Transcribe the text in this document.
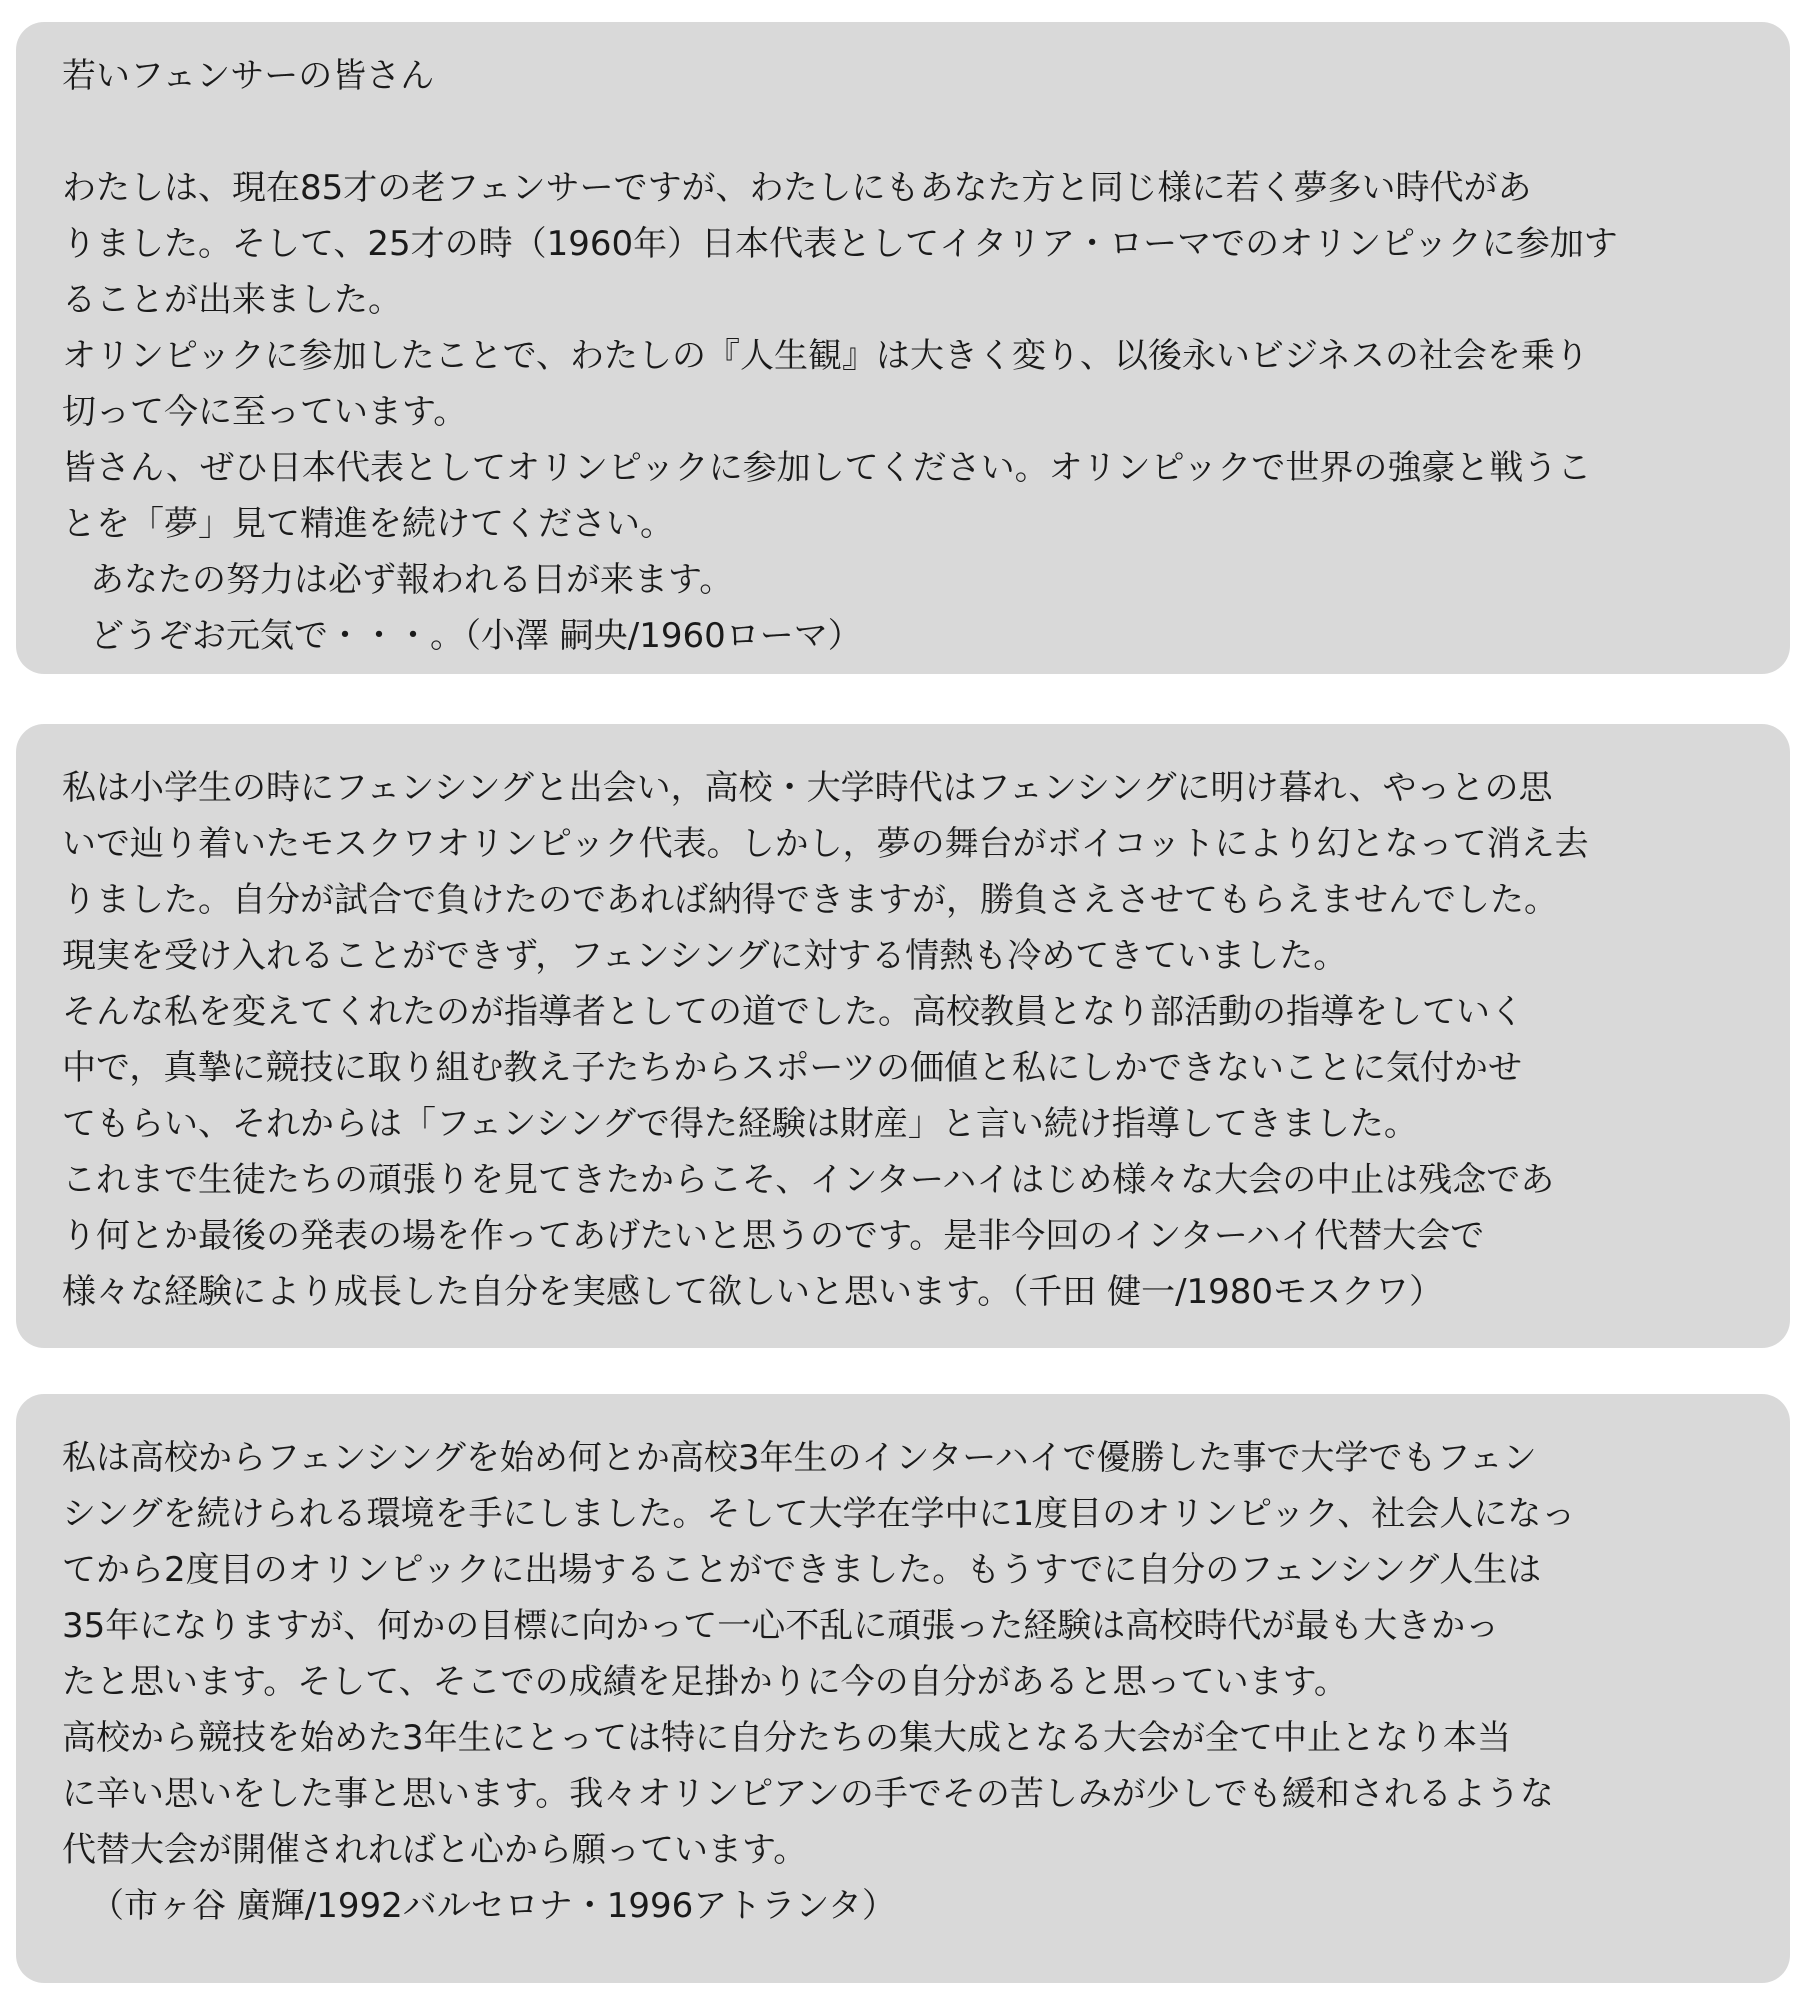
若いフェンサーの皆さん
わたしは、現在85才の老フェンサーですが、わたしにもあなた方と同じ様に若く夢多い時代があ
りました。そして、25才の時（1960年）日本代表としてイタリア・ローマでのオリンピックに参加す
ることが出来ました。
オリンピックに参加したことで、わたしの『人生観』は大きく変り、以後永いビジネスの社会を乗り
切って今に至っています。
皆さん、ぜひ日本代表としてオリンピックに参加してください。オリンピックで世界の強豪と戦うこ
とを「夢」見て精進を続けてください。
あなたの努力は必ず報われる日が来ます。
どうぞお元気で・・・。（小澤 嗣央/1960ローマ）
私は小学生の時にフェンシングと出会い，高校・大学時代はフェンシングに明け暮れ、やっとの思
いで辿り着いたモスクワオリンピック代表。しかし，夢の舞台がボイコットにより幻となって消え去
りました。自分が試合で負けたのであれば納得できますが，勝負さえさせてもらえませんでした。
現実を受け入れることができず，フェンシングに対する情熱も冷めてきていました。
そんな私を変えてくれたのが指導者としての道でした。高校教員となり部活動の指導をしていく
中で，真摯に競技に取り組む教え子たちからスポーツの価値と私にしかできないことに気付かせ
てもらい、それからは「フェンシングで得た経験は財産」と言い続け指導してきました。
これまで生徒たちの頑張りを見てきたからこそ、インターハイはじめ様々な大会の中止は残念であ
り何とか最後の発表の場を作ってあげたいと思うのです。是非今回のインターハイ代替大会で
様々な経験により成長した自分を実感して欲しいと思います。（千田 健一/1980モスクワ）
私は高校からフェンシングを始め何とか高校3年生のインターハイで優勝した事で大学でもフェン
シングを続けられる環境を手にしました。そして大学在学中に1度目のオリンピック、社会人になっ
てから2度目のオリンピックに出場することができました。もうすでに自分のフェンシング人生は
35年になりますが、何かの目標に向かって一心不乱に頑張った経験は高校時代が最も大きかっ
たと思います。そして、そこでの成績を足掛かりに今の自分があると思っています。
高校から競技を始めた3年生にとっては特に自分たちの集大成となる大会が全て中止となり本当
に辛い思いをした事と思います。我々オリンピアンの手でその苦しみが少しでも緩和されるような
代替大会が開催されればと心から願っています。
（市ヶ谷 廣輝/1992バルセロナ・1996アトランタ）
